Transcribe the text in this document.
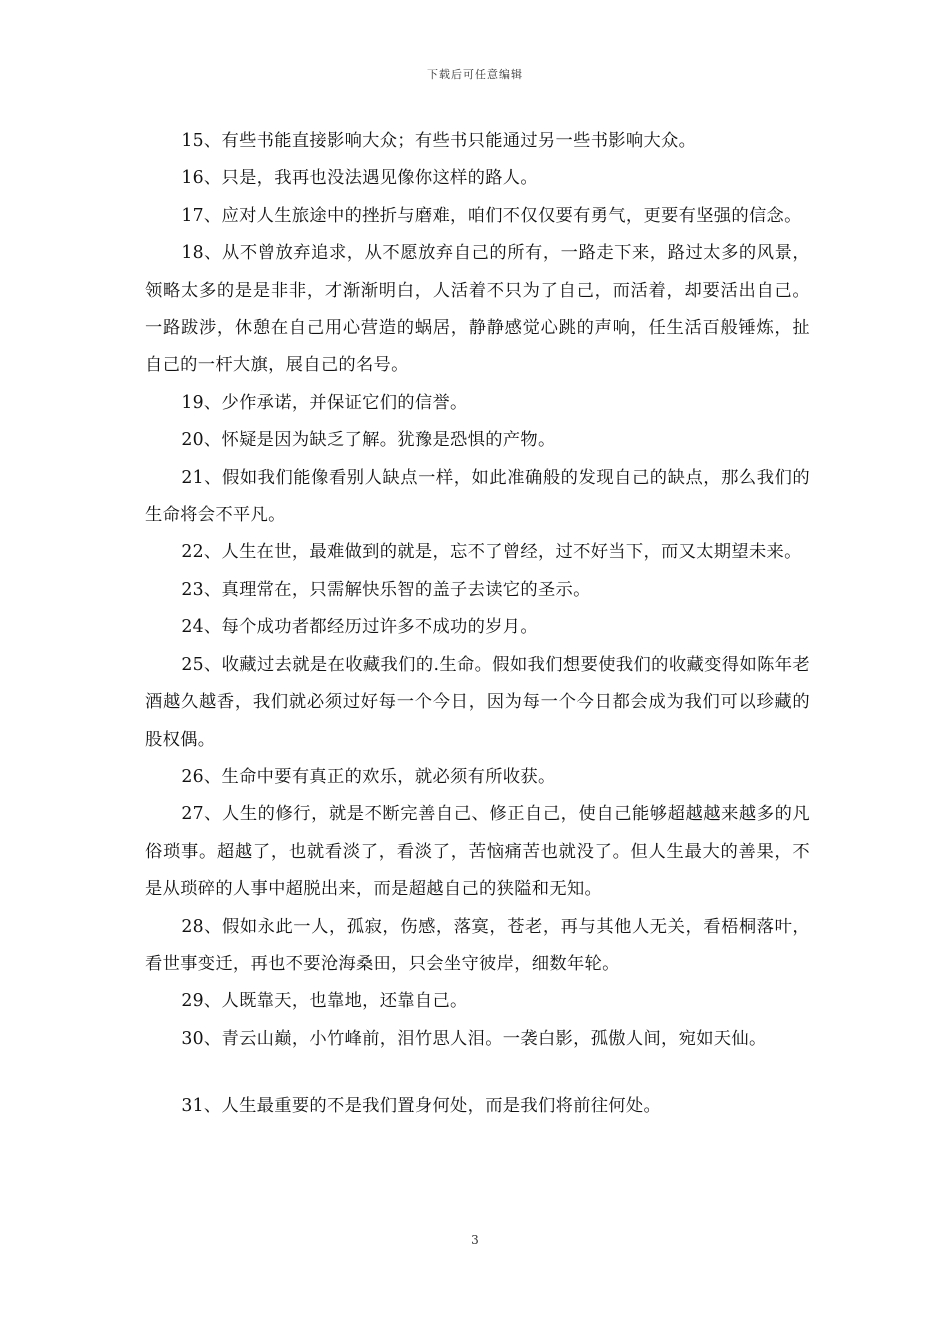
下载后可任意编辑

15、有些书能直接影响大众；有些书只能通过另一些书影响大众。

16、只是，我再也没法遇见像你这样的路人。

17、应对人生旅途中的挫折与磨难，咱们不仅仅要有勇气，更要有坚强的信念。

18、从不曾放弃追求，从不愿放弃自己的所有，一路走下来，路过太多的风景，领略太多的是是非非，才渐渐明白，人活着不只为了自己，而活着，却要活出自己。一路跋涉，休憩在自己用心营造的蜗居，静静感觉心跳的声响，任生活百般锤炼，扯自己的一杆大旗，展自己的名号。

19、少作承诺，并保证它们的信誉。

20、怀疑是因为缺乏了解。犹豫是恐惧的产物。

21、假如我们能像看别人缺点一样，如此准确般的发现自己的缺点，那么我们的生命将会不平凡。

22、人生在世，最难做到的就是，忘不了曾经，过不好当下，而又太期望未来。

23、真理常在，只需解快乐智的盖子去读它的圣示。

24、每个成功者都经历过许多不成功的岁月。

25、收藏过去就是在收藏我们的.生命。假如我们想要使我们的收藏变得如陈年老酒越久越香，我们就必须过好每一个今日，因为每一个今日都会成为我们可以珍藏的股权偶。

26、生命中要有真正的欢乐，就必须有所收获。

27、人生的修行，就是不断完善自己、修正自己，使自己能够超越越来越多的凡俗琐事。超越了，也就看淡了，看淡了，苦恼痛苦也就没了。但人生最大的善果，不是从琐碎的人事中超脱出来，而是超越自己的狭隘和无知。

28、假如永此一人，孤寂，伤感，落寞，苍老，再与其他人无关，看梧桐落叶，看世事变迁，再也不要沧海桑田，只会坐守彼岸，细数年轮。

29、人既靠天，也靠地，还靠自己。

30、青云山巅，小竹峰前，泪竹思人泪。一袭白影，孤傲人间，宛如天仙。

31、人生最重要的不是我们置身何处，而是我们将前往何处。

3
